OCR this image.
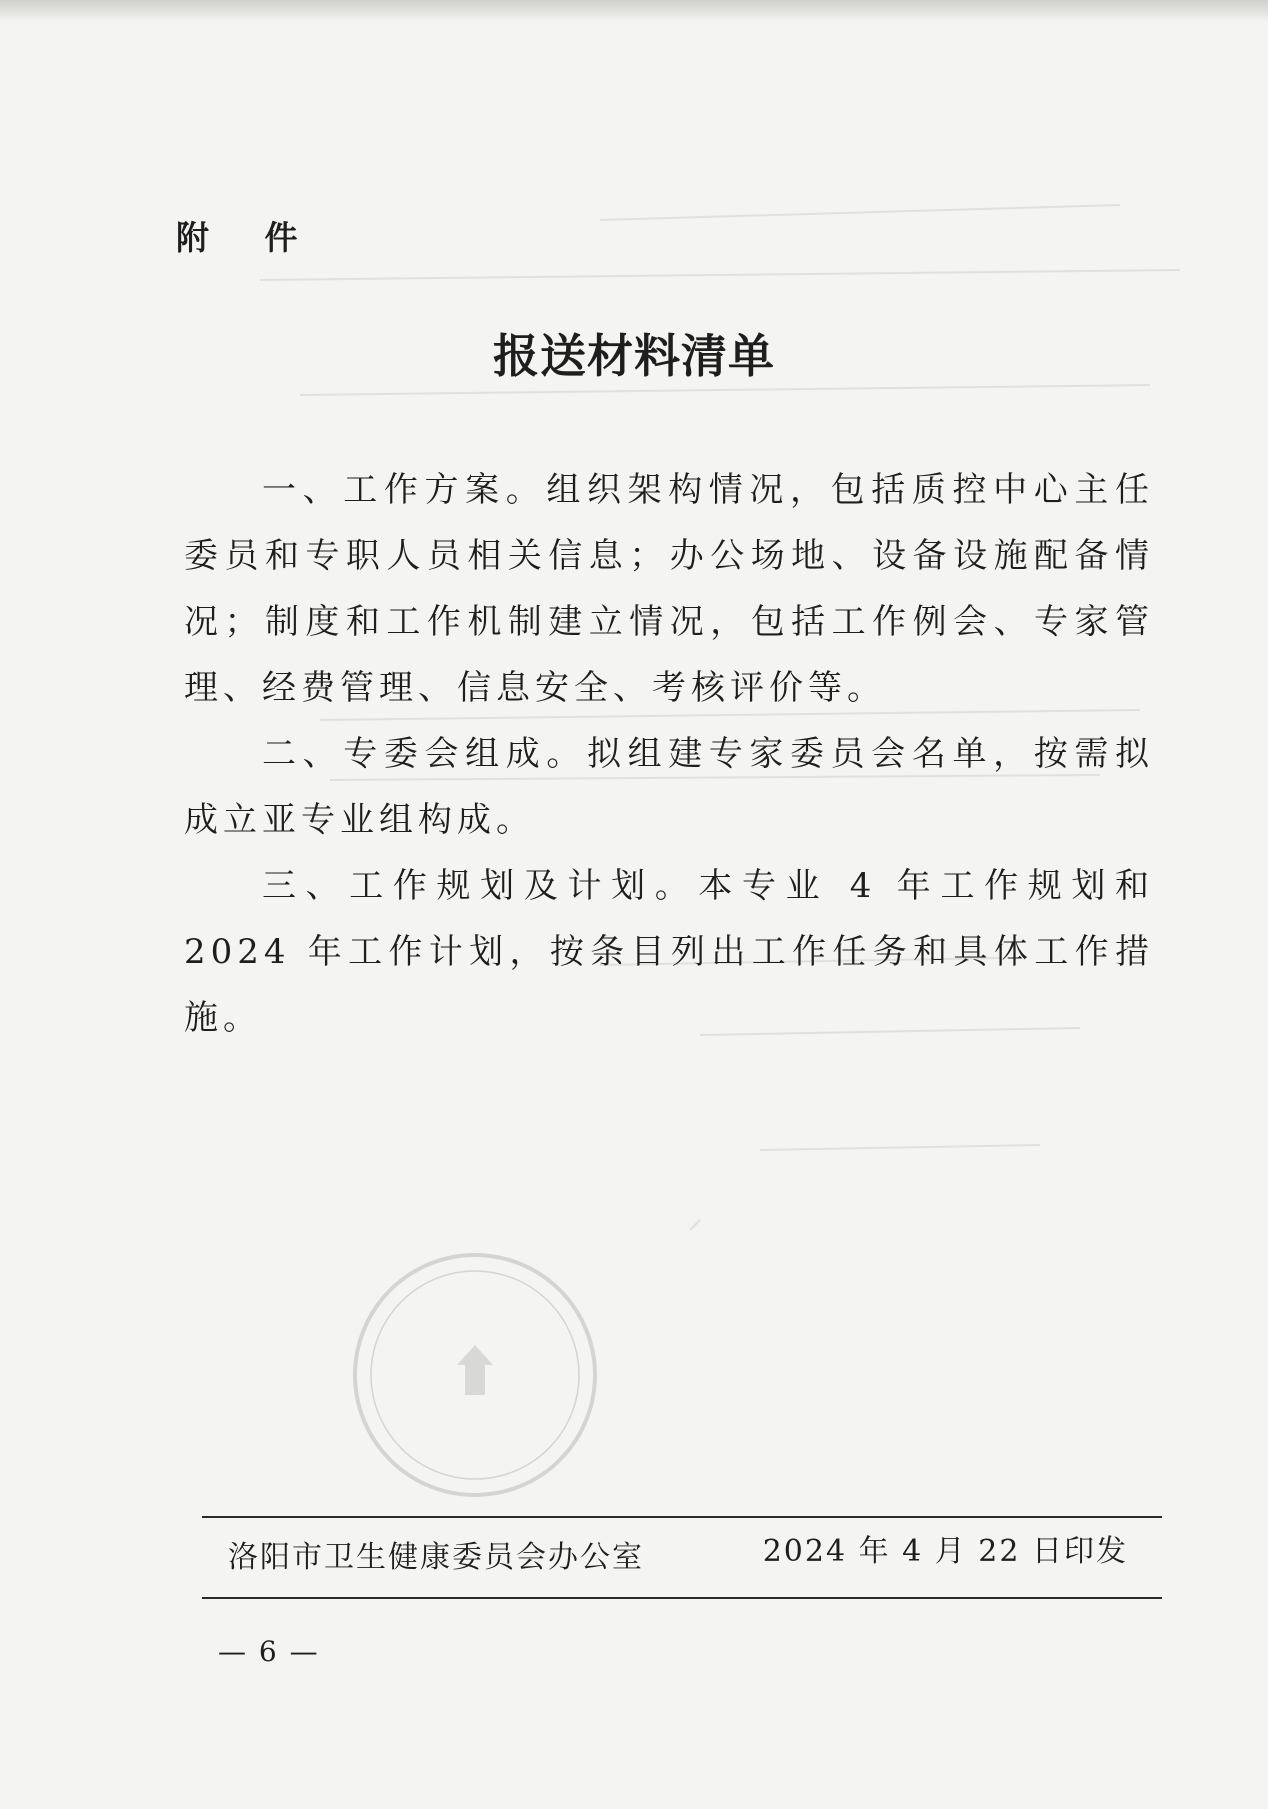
附 件
报送材料清单

一、工作方案。组织架构情况，包括质控中心主任委员和专职人员相关信息；办公场地、设备设施配备情况；制度和工作机制建立情况，包括工作例会、专家管理、经费管理、信息安全、考核评价等。

二、专委会组成。拟组建专家委员会名单，按需拟成立亚专业组构成。

三、工作规划及计划。本专业 4 年工作规划和 2024 年工作计划，按条目列出工作任务和具体工作措施。

洛阳市卫生健康委员会办公室	2024 年 4 月 22 日印发
— 6 —
